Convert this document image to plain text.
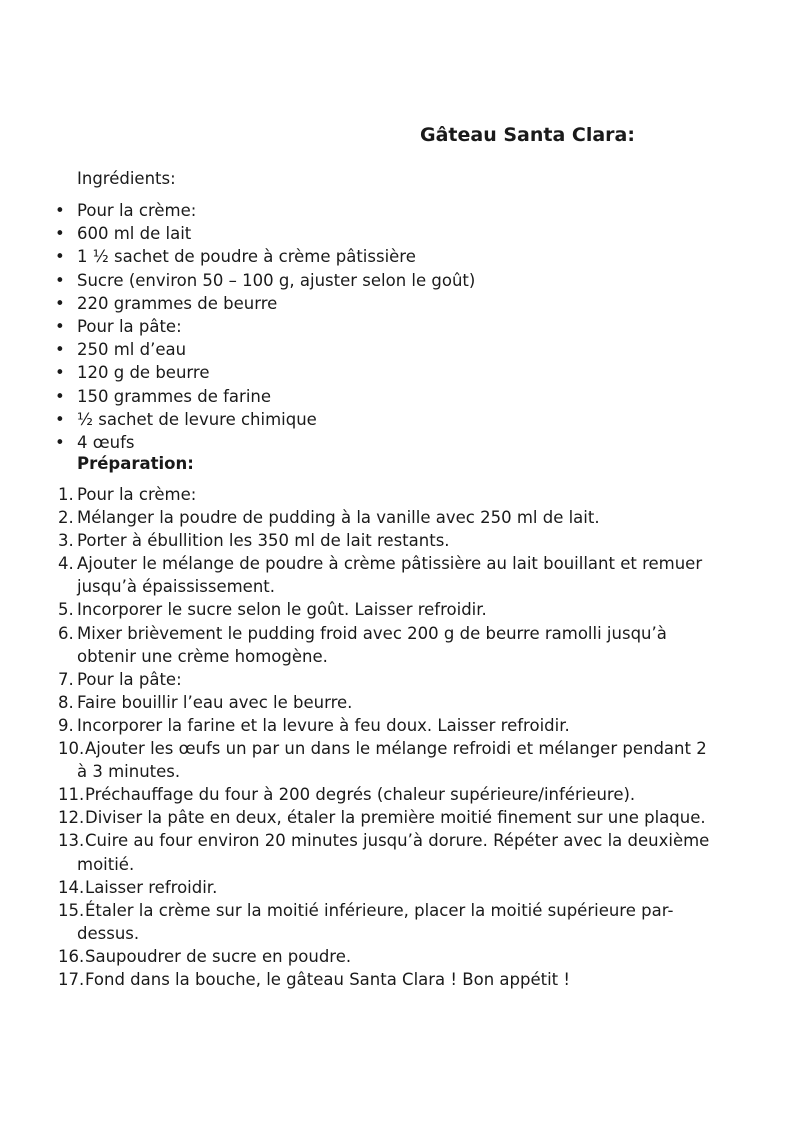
Gâteau Santa Clara:
Ingrédients:
• Pour la crème:
• 600 ml de lait
• 1 ½ sachet de poudre à crème pâtissière
• Sucre (environ 50 – 100 g, ajuster selon le goût)
• 220 grammes de beurre
• Pour la pâte:
• 250 ml d’eau
• 120 g de beurre
• 150 grammes de farine
• ½ sachet de levure chimique
• 4 œufs
Préparation:
1. Pour la crème:
2. Mélanger la poudre de pudding à la vanille avec 250 ml de lait.
3. Porter à ébullition les 350 ml de lait restants.
4. Ajouter le mélange de poudre à crème pâtissière au lait bouillant et remuer jusqu’à épaississement.
5. Incorporer le sucre selon le goût. Laisser refroidir.
6. Mixer brièvement le pudding froid avec 200 g de beurre ramolli jusqu’à obtenir une crème homogène.
7. Pour la pâte:
8. Faire bouillir l’eau avec le beurre.
9. Incorporer la farine et la levure à feu doux. Laisser refroidir.
10. Ajouter les œufs un par un dans le mélange refroidi et mélanger pendant 2 à 3 minutes.
11. Préchauffage du four à 200 degrés (chaleur supérieure/inférieure).
12. Diviser la pâte en deux, étaler la première moitié finement sur une plaque.
13. Cuire au four environ 20 minutes jusqu’à dorure. Répéter avec la deuxième moitié.
14. Laisser refroidir.
15. Étaler la crème sur la moitié inférieure, placer la moitié supérieure par-dessus.
16. Saupoudrer de sucre en poudre.
17. Fond dans la bouche, le gâteau Santa Clara ! Bon appétit !
